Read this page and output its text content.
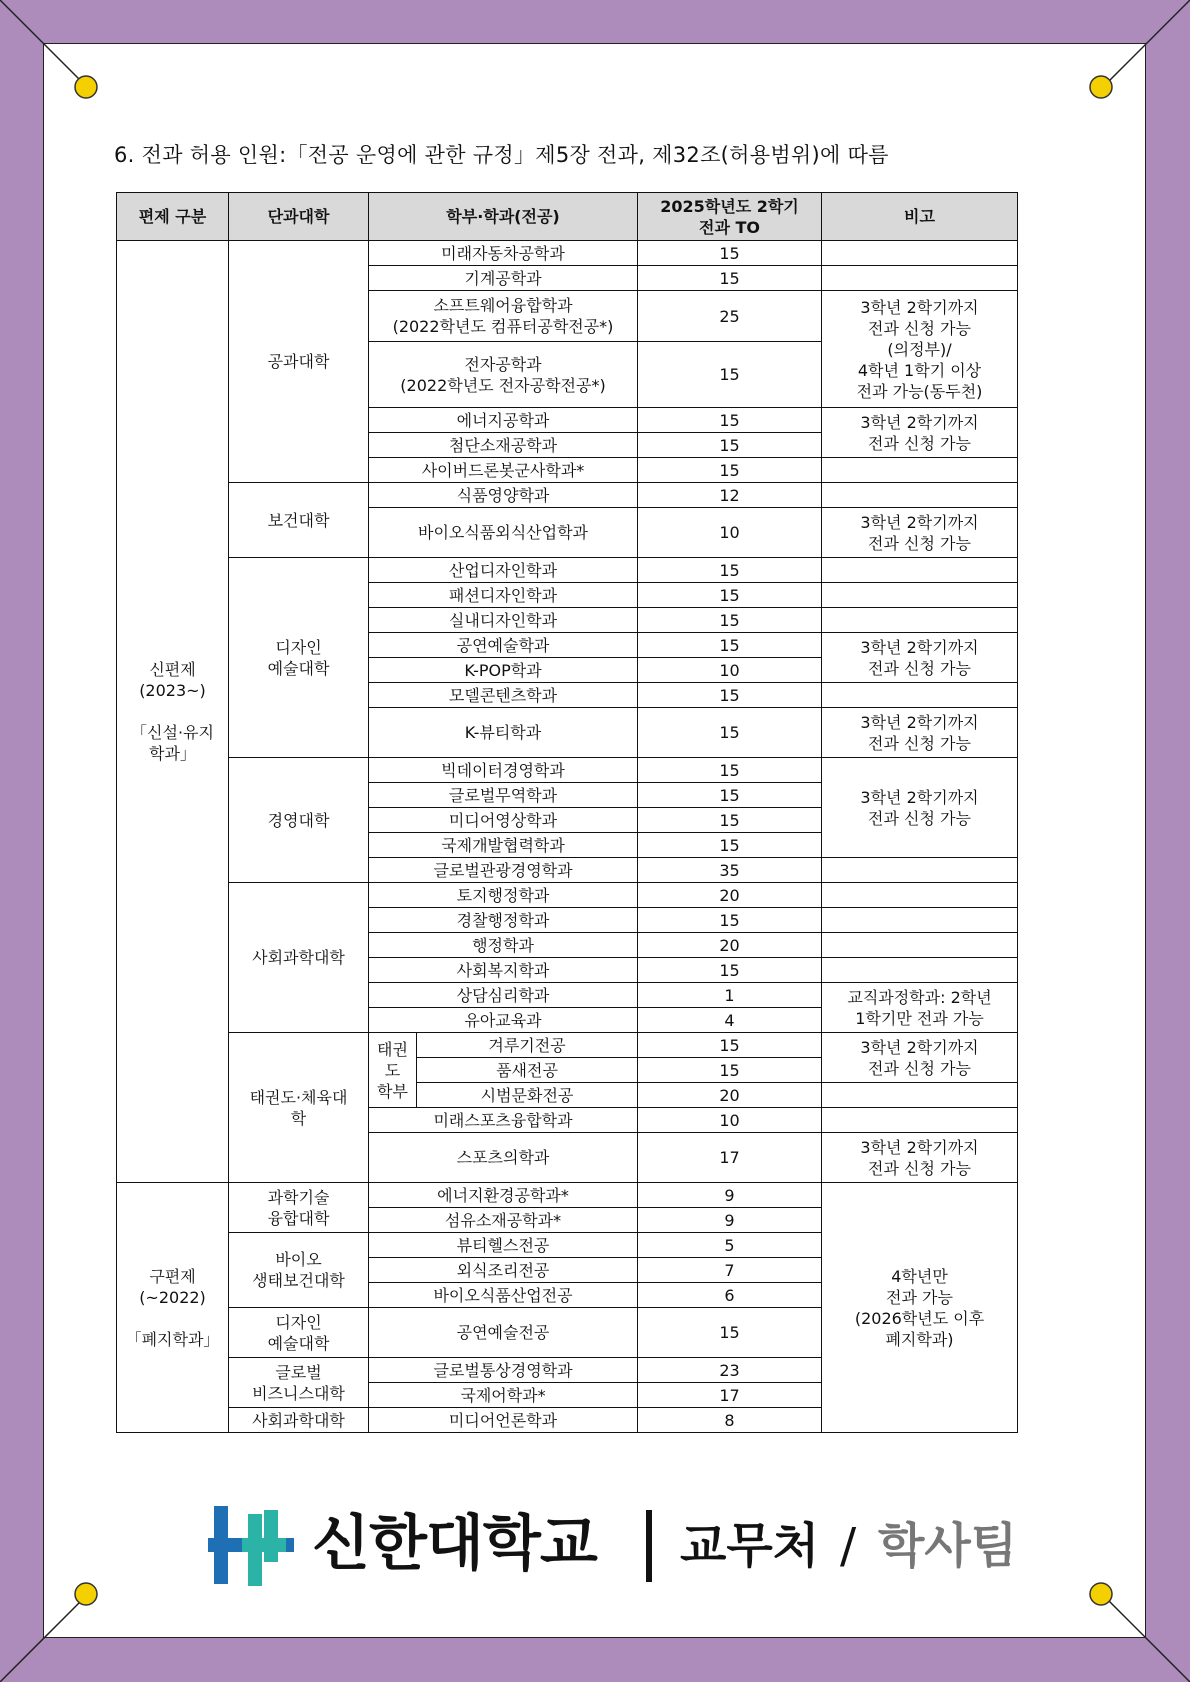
6. 전과 허용 인원:「전공 운영에 관한 규정」제5장 전과, 제32조(허용범위)에 따름
편제 구분	단과대학	학부·학과(전공)		2025학년도 2학기
전과 TO	비고
신편제
(2023~)

「신설·유지
학과」	공과대학	미래자동차공학과		15	
		기계공학과		15	
		소프트웨어융합학과
(2022학년도 컴퓨터공학전공*)		25	3학년 2학기까지
전과 신청 가능
(의정부)/
4학년 1학기 이상
전과 가능(동두천)
		전자공학과
(2022학년도 전자공학전공*)		15	
		에너지공학과		15	3학년 2학기까지
전과 신청 가능
		첨단소재공학과		15	
		사이버드론봇군사학과*		15	
	보건대학	식품영양학과		12	
		바이오식품외식산업학과		10	3학년 2학기까지
전과 신청 가능
	디자인
예술대학	산업디자인학과		15	
		패션디자인학과		15	
		실내디자인학과		15	
		공연예술학과		15	3학년 2학기까지
전과 신청 가능
		K-POP학과		10	
		모델콘텐츠학과		15	
		K-뷰티학과		15	3학년 2학기까지
전과 신청 가능
	경영대학	빅데이터경영학과		15	3학년 2학기까지
전과 신청 가능
		글로벌무역학과		15	
		미디어영상학과		15	
		국제개발협력학과		15	
		글로벌관광경영학과		35	
	사회과학대학	토지행정학과		20	
		경찰행정학과		15	
		행정학과		20	
		사회복지학과		15	
		상담심리학과		1	교직과정학과: 2학년
1학기만 전과 가능
		유아교육과		4	
	태권도·체육대
학	태권도
학부	겨루기전공	15	3학년 2학기까지
전과 신청 가능
			품새전공	15	
			시범문화전공	20	
		미래스포츠융합학과		10	
		스포츠의학과		17	3학년 2학기까지
전과 신청 가능
구편제
(~2022)

「폐지학과」	과학기술
융합대학	에너지환경공학과*		9	4학년만
전과 가능
(2026학년도 이후
폐지학과)
		섬유소재공학과*		9	
	바이오
생태보건대학	뷰티헬스전공		5	
		외식조리전공		7	
		바이오식품산업전공		6	
	디자인
예술대학	공연예술전공		15	
	글로벌
비즈니스대학	글로벌통상경영학과		23	
		국제어학과*		17	
	사회과학대학	미디어언론학과		8	
신한대학교 교무처 / 학사팀
